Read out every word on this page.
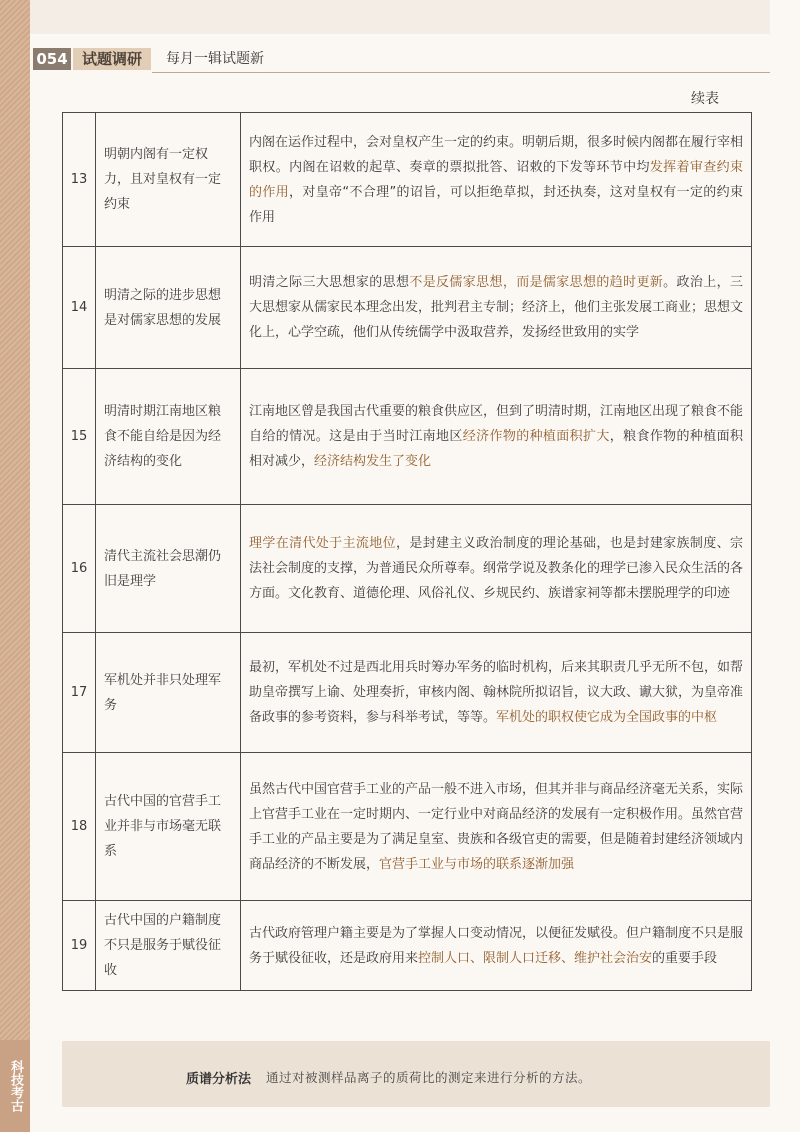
054 试题调研	每月一辑试题新
续表
13	明朝内阁有一定权力，且对皇权有一定约束	内阁在运作过程中，会对皇权产生一定的约束。明朝后期，很多时候内阁都在履行宰相职权。内阁在诏敕的起草、奏章的票拟批答、诏敕的下发等环节中均发挥着审查约束的作用，对皇帝“不合理”的诏旨，可以拒绝草拟，封还执奏，这对皇权有一定的约束作用
14	明清之际的进步思想是对儒家思想的发展	明清之际三大思想家的思想不是反儒家思想，而是儒家思想的趋时更新。政治上，三大思想家从儒家民本理念出发，批判君主专制；经济上，他们主张发展工商业；思想文化上，心学空疏，他们从传统儒学中汲取营养，发扬经世致用的实学
15	明清时期江南地区粮食不能自给是因为经济结构的变化	江南地区曾是我国古代重要的粮食供应区，但到了明清时期，江南地区出现了粮食不能自给的情况。这是由于当时江南地区经济作物的种植面积扩大，粮食作物的种植面积相对减少，经济结构发生了变化
16	清代主流社会思潮仍旧是理学	理学在清代处于主流地位，是封建主义政治制度的理论基础，也是封建家族制度、宗法社会制度的支撑，为普通民众所尊奉。纲常学说及教条化的理学已渗入民众生活的各方面。文化教育、道德伦理、风俗礼仪、乡规民约、族谱家祠等都未摆脱理学的印迹
17	军机处并非只处理军务	最初，军机处不过是西北用兵时筹办军务的临时机构，后来其职责几乎无所不包，如帮助皇帝撰写上谕、处理奏折，审核内阁、翰林院所拟诏旨，议大政、谳大狱，为皇帝准备政事的参考资料，参与科举考试，等等。军机处的职权使它成为全国政事的中枢
18	古代中国的官营手工业并非与市场毫无联系	虽然古代中国官营手工业的产品一般不进入市场，但其并非与商品经济毫无关系，实际上官营手工业在一定时期内、一定行业中对商品经济的发展有一定积极作用。虽然官营手工业的产品主要是为了满足皇室、贵族和各级官吏的需要，但是随着封建经济领域内商品经济的不断发展，官营手工业与市场的联系逐渐加强
19	古代中国的户籍制度不只是服务于赋役征收	古代政府管理户籍主要是为了掌握人口变动情况，以便征发赋役。但户籍制度不只是服务于赋役征收，还是政府用来控制人口、限制人口迁移、维护社会治安的重要手段
科技考古	质谱分析法 通过对被测样品离子的质荷比的测定来进行分析的方法。
